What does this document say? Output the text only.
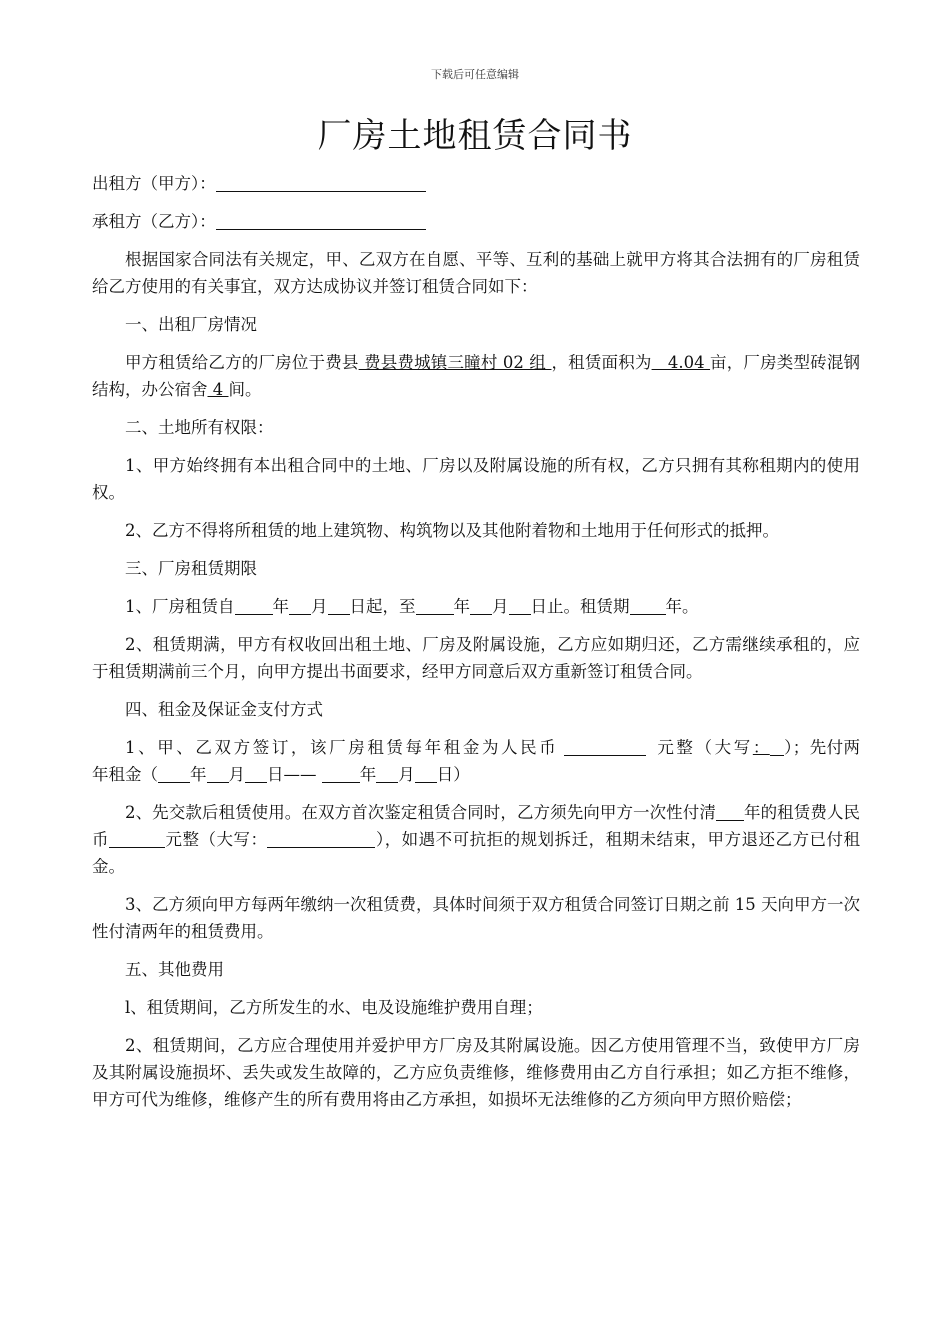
下载后可任意编辑
厂房土地租赁合同书

出租方（甲方）：

承租方（乙方）：

根据国家合同法有关规定，甲、乙双方在自愿、平等、互利的基础上就甲方将其合法拥有的厂房租赁给乙方使用的有关事宜，双方达成协议并签订租赁合同如下：

一、出租厂房情况

甲方租赁给乙方的厂房位于费县 费县费城镇三瞳村 02 组 ，租赁面积为   4.04 亩，厂房类型砖混钢结构，办公宿舍 4 间。

二、土地所有权限：

1、甲方始终拥有本出租合同中的土地、厂房以及附属设施的所有权，乙方只拥有其称租期内的使用权。

2、乙方不得将所租赁的地上建筑物、构筑物以及其他附着物和土地用于任何形式的抵押。

三、厂房租赁期限

1、厂房租赁自 年 月 日起，至 年 月 日止。租赁期 年。

2、租赁期满，甲方有权收回出租土地、厂房及附属设施，乙方应如期归还，乙方需继续承租的，应于租赁期满前三个月，向甲方提出书面要求，经甲方同意后双方重新签订租赁合同。

四、租金及保证金支付方式

1、甲、乙双方签订，该厂房租赁每年租金为人民币	元整（大写： ）；先付两年租金（ 年 月 日——	年 月 日）

2、先交款后租赁使用。在双方首次鉴定租赁合同时，乙方须先向甲方一次性付清 年的租赁费人民币	元整（大写：	），如遇不可抗拒的规划拆迁，租期未结束，甲方退还乙方已付租金。

3、乙方须向甲方每两年缴纳一次租赁费，具体时间须于双方租赁合同签订日期之前 15 天向甲方一次性付清两年的租赁费用。

五、其他费用

l、租赁期间，乙方所发生的水、电及设施维护费用自理；

2、租赁期间，乙方应合理使用并爱护甲方厂房及其附属设施。因乙方使用管理不当，致使甲方厂房及其附属设施损坏、丢失或发生故障的，乙方应负责维修，维修费用由乙方自行承担；如乙方拒不维修，甲方可代为维修，维修产生的所有费用将由乙方承担，如损坏无法维修的乙方须向甲方照价赔偿；
